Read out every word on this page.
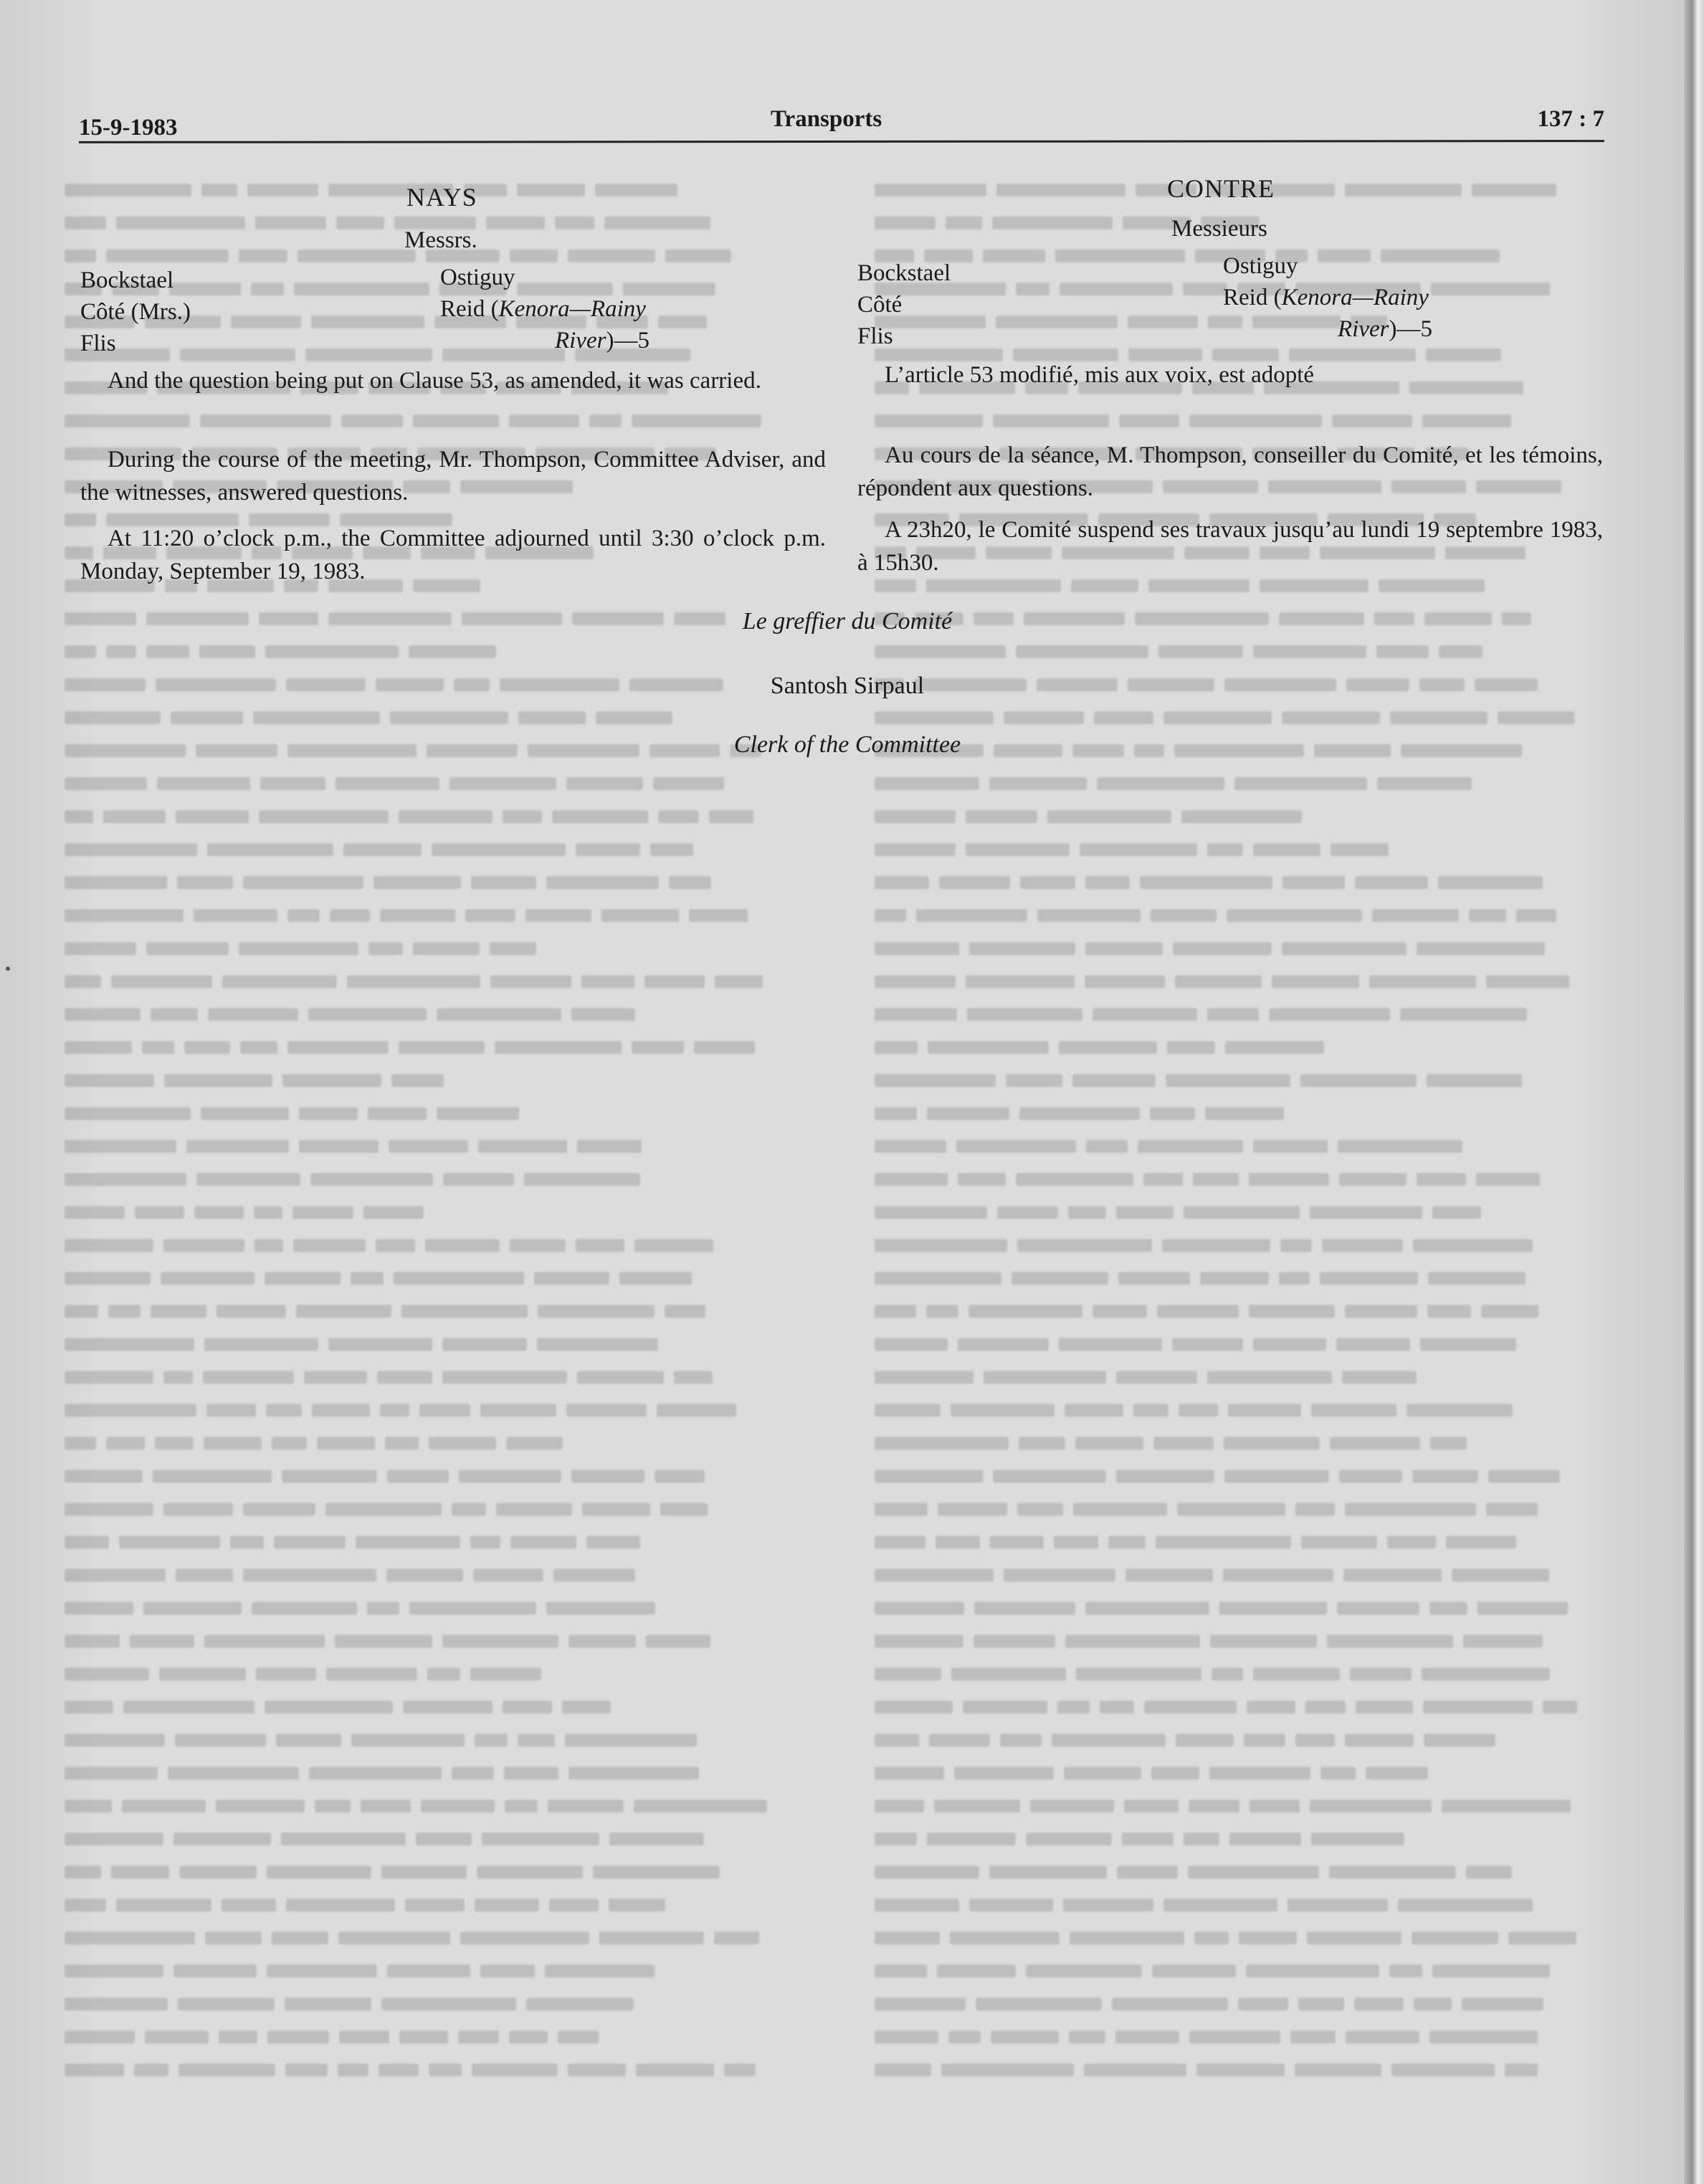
15-9-1983	Transports	137 : 7
NAYS
Messrs.
Bockstael
Côté (Mrs.)
Flis
Ostiguy
Reid (Kenora—Rainy
River)—5

And the question being put on Clause 53, as amended, it was carried.

During the course of the meeting, Mr. Thompson, Committee Adviser, and the witnesses, answered questions.

At 11:20 o’clock p.m., the Committee adjourned until 3:30 o’clock p.m. Monday, September 19, 1983.

CONTRE
Messieurs
Bockstael
Côté
Flis
Ostiguy
Reid (Kenora—Rainy
River)—5

L’article 53 modifié, mis aux voix, est adopté

Au cours de la séance, M. Thompson, conseiller du Comité, et les témoins, répondent aux questions.

A 23h20, le Comité suspend ses travaux jusqu’au lundi 19 septembre 1983, à 15h30.

Le greffier du Comité
Santosh Sirpaul
Clerk of the Committee
